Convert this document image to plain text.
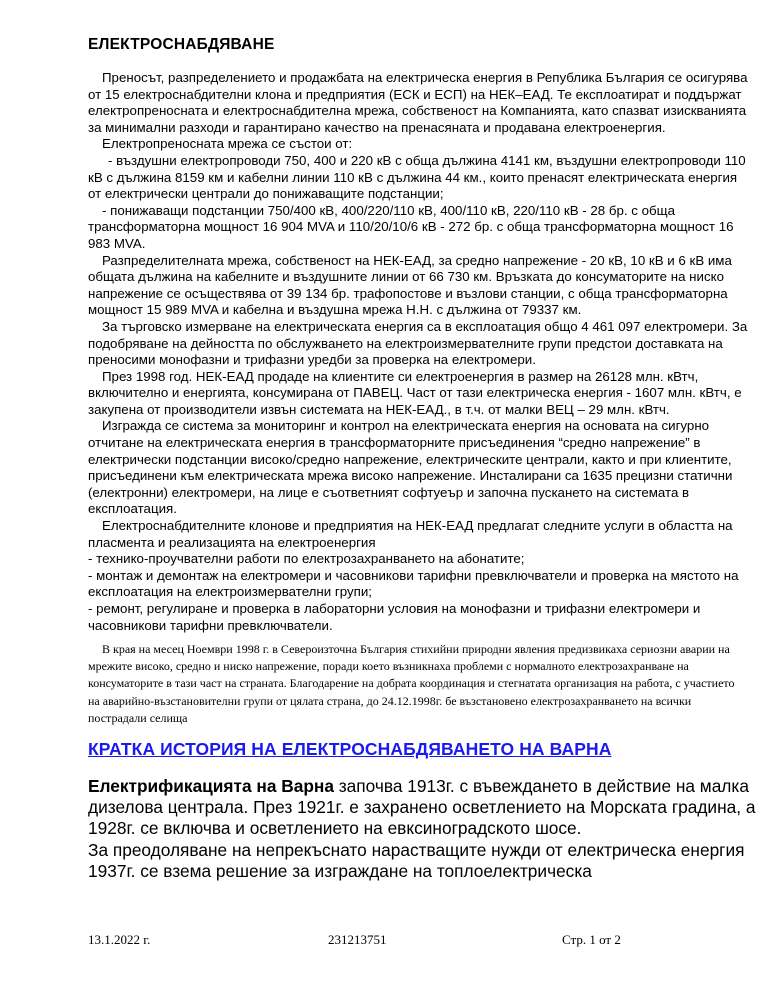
ЕЛЕКТРОСНАБДЯВАНЕ

Преносът, разпределението и продажбата на електрическа енергия в Република България се осигурява от 15 електроснабдителни клона и предприятия (ЕСК и ЕСП) на НЕК–ЕАД. Те експлоатират и поддържат електропреносната и електроснабдителна мрежа, собственост на Компанията, като спазват изискванията за минимални разходи и гарантирано качество на пренасяната и продавана електроенергия.

Електропреносната мрежа се състои от:

- въздушни електропроводи 750, 400 и 220 кВ с обща дължина 4141 км, въздушни електропроводи 110 кВ с дължина 8159 км и кабелни линии 110 кВ с дължина 44 км., които пренасят електрическата енергия от електрически централи до понижаващите подстанции;

- понижаващи подстанции 750/400 кВ, 400/220/110 кВ, 400/110 кВ, 220/110 кВ - 28 бр. с обща трансформаторна мощност 16 904 MVA и 110/20/10/6 кВ - 272 бр. с обща трансформаторна мощност 16 983 MVA.

Разпределителната мрежа, собственост на НЕК-ЕАД, за средно напрежение - 20 кВ, 10 кВ и 6 кВ има общата дължина на кабелните и въздушните линии от 66 730 км. Връзката до консуматорите на ниско напрежение се осъществява от 39 134 бр. трафопостове и възлови станции, с обща трансформаторна мощност 15 989 MVA и кабелна и въздушна мрежа Н.Н. с дължина от 79337 км.

За търговско измерване на електрическата енергия са в експлоатация общо 4 461 097 електромери. За подобряване на дейността по обслужването на електроизмервателните групи предстои доставката на преносими монофазни и трифазни уредби за проверка на електромери.

През 1998 год. НЕК-ЕАД продаде на клиентите си електроенергия в размер на 26128 млн. кВтч, включително и енергията, консумирана от ПАВЕЦ. Част от тази електрическа енергия - 1607 млн. кВтч, е закупена от производители извън системата на НЕК-ЕАД., в т.ч. от малки ВЕЦ – 29 млн. кВтч.

Изгражда се система за мониторинг и контрол на електрическата енергия на основата на сигурно отчитане на електрическата енергия в трансформаторните присъединения “средно напрежение” в електрически подстанции високо/средно напрежение, електрическите централи, както и при клиентите, присъединени към електрическата мрежа високо напрежение. Инсталирани са 1635 прецизни статични (електронни) електромери, на лице е съответният софтуеър и започна пускането на системата в експлоатация.

Електроснабдителните клонове и предприятия на НЕК-ЕАД предлагат следните услуги в областта на пласмента и реализацията на електроенергия

- технико-проучвателни работи по електрозахранването на абонатите;

- монтаж и демонтаж на електромери и часовникови тарифни превключватели и проверка на мястото на експлоатация на електроизмервателни групи;

- ремонт, регулиране и проверка в лабораторни условия на монофазни и трифазни електромери и часовникови тарифни превключватели.

В края на месец Ноември 1998 г. в Североизточна България стихийни природни явления предизвикаха сериозни аварии на мрежите високо, средно и ниско напрежение, поради което възникнаха проблеми с нормалното електрозахранване на консуматорите в тази част на страната. Благодарение на добрата координация и стегнатата организация на работа, с участието на аварийно-възстановителни групи от цялата страна, до 24.12.1998г. бе възстановено електрозахранването на всички пострадали селища
КРАТКА ИСТОРИЯ НА ЕЛЕКТРОСНАБДЯВАНЕТО НА ВАРНА

Електрификацията на Варна започва 1913г. с въвеждането в действие на малка дизелова централа. През 1921г. е захранено осветлението на Морската градина, а 1928г. се включва и осветлението на евксиноградското шосе.

За преодоляване на непрекъснато нарастващите нужди от електрическа енергия 1937г. се взема решение за изграждане на топлоелектрическа

13.1.2022 г.	231213751	Стр. 1 от 2
